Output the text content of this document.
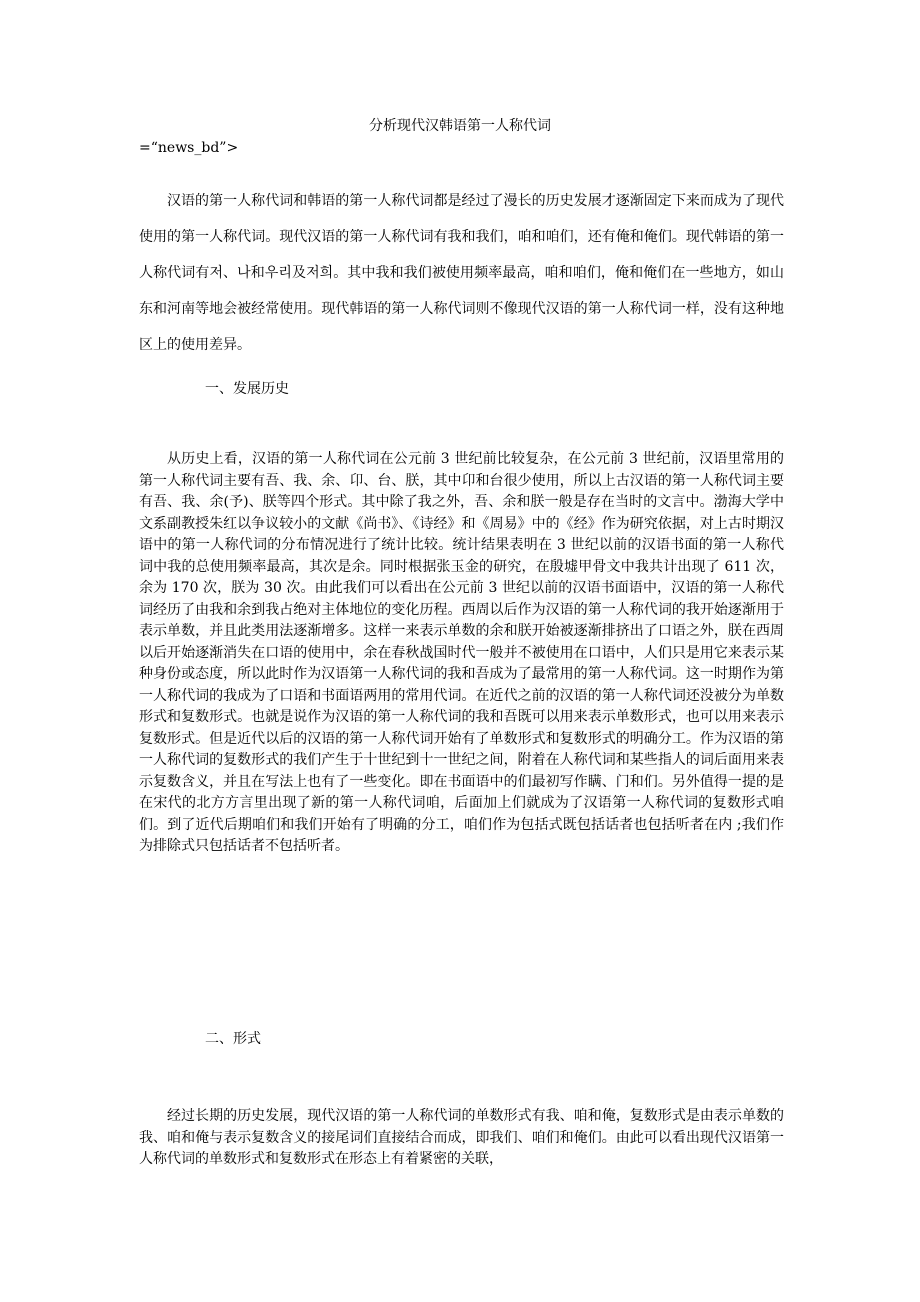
分析现代汉韩语第一人称代词
=“news_bd”>

汉语的第一人称代词和韩语的第一人称代词都是经过了漫长的历史发展才逐渐固定下来而成为了现代使用的第一人称代词。现代汉语的第一人称代词有我和我们，咱和咱们，还有俺和俺们。现代韩语的第一人称代词有저、나和우리及저희。其中我和我们被使用频率最高，咱和咱们，俺和俺们在一些地方，如山东和河南等地会被经常使用。现代韩语的第一人称代词则不像现代汉语的第一人称代词一样，没有这种地区上的使用差异。

一、发展历史

从历史上看，汉语的第一人称代词在公元前 3 世纪前比较复杂，在公元前 3 世纪前，汉语里常用的第一人称代词主要有吾、我、余、卬、台、朕，其中卬和台很少使用，所以上古汉语的第一人称代词主要有吾、我、余(予)、朕等四个形式。其中除了我之外，吾、余和朕一般是存在当时的文言中。渤海大学中文系副教授朱红以争议较小的文献《尚书》、《诗经》和《周易》中的《经》作为研究依据，对上古时期汉语中的第一人称代词的分布情况进行了统计比较。统计结果表明在 3 世纪以前的汉语书面的第一人称代词中我的总使用频率最高，其次是余。同时根据张玉金的研究，在殷墟甲骨文中我共计出现了 611 次，余为 170 次，朕为 30 次。由此我们可以看出在公元前 3 世纪以前的汉语书面语中，汉语的第一人称代词经历了由我和余到我占绝对主体地位的变化历程。西周以后作为汉语的第一人称代词的我开始逐渐用于表示单数，并且此类用法逐渐增多。这样一来表示单数的余和朕开始被逐渐排挤出了口语之外，朕在西周以后开始逐渐消失在口语的使用中，余在春秋战国时代一般并不被使用在口语中，人们只是用它来表示某种身份或态度，所以此时作为汉语第一人称代词的我和吾成为了最常用的第一人称代词。这一时期作为第一人称代词的我成为了口语和书面语两用的常用代词。在近代之前的汉语的第一人称代词还没被分为单数形式和复数形式。也就是说作为汉语的第一人称代词的我和吾既可以用来表示单数形式，也可以用来表示复数形式。但是近代以后的汉语的第一人称代词开始有了单数形式和复数形式的明确分工。作为汉语的第一人称代词的复数形式的我们产生于十世纪到十一世纪之间，附着在人称代词和某些指人的词后面用来表示复数含义，并且在写法上也有了一些变化。即在书面语中的们最初写作瞒、门和们。另外值得一提的是在宋代的北方方言里出现了新的第一人称代词咱，后面加上们就成为了汉语第一人称代词的复数形式咱们。到了近代后期咱们和我们开始有了明确的分工，咱们作为包括式既包括话者也包括听者在内 ;我们作为排除式只包括话者不包括听者。

二、形式

经过长期的历史发展，现代汉语的第一人称代词的单数形式有我、咱和俺，复数形式是由表示单数的我、咱和俺与表示复数含义的接尾词们直接结合而成，即我们、咱们和俺们。由此可以看出现代汉语第一人称代词的单数形式和复数形式在形态上有着紧密的关联，
